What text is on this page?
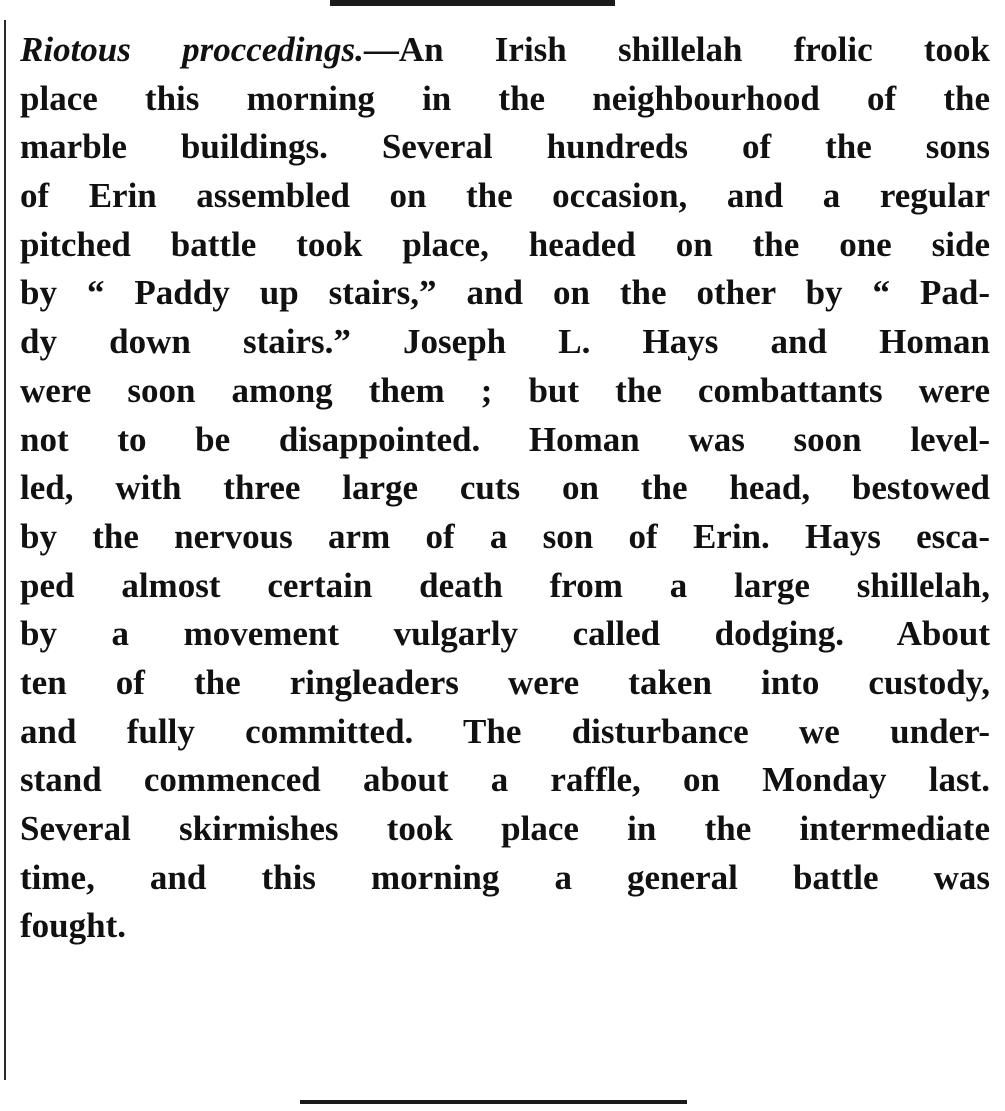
Riotous proccedings.—An Irish shillelah frolic took
place this morning in the neighbourhood of the
marble buildings. Several hundreds of the sons
of Erin assembled on the occasion, and a regular
pitched battle took place, headed on the one side
by “ Paddy up stairs,” and on the other by “ Pad-
dy down stairs.” Joseph L. Hays and Homan
were soon among them ; but the combattants were
not to be disappointed. Homan was soon level-
led, with three large cuts on the head, bestowed
by the nervous arm of a son of Erin. Hays esca-
ped almost certain death from a large shillelah,
by a movement vulgarly called dodging. About
ten of the ringleaders were taken into custody,
and fully committed. The disturbance we under-
stand commenced about a raffle, on Monday last.
Several skirmishes took place in the intermediate
time, and this morning a general battle was
fought.
